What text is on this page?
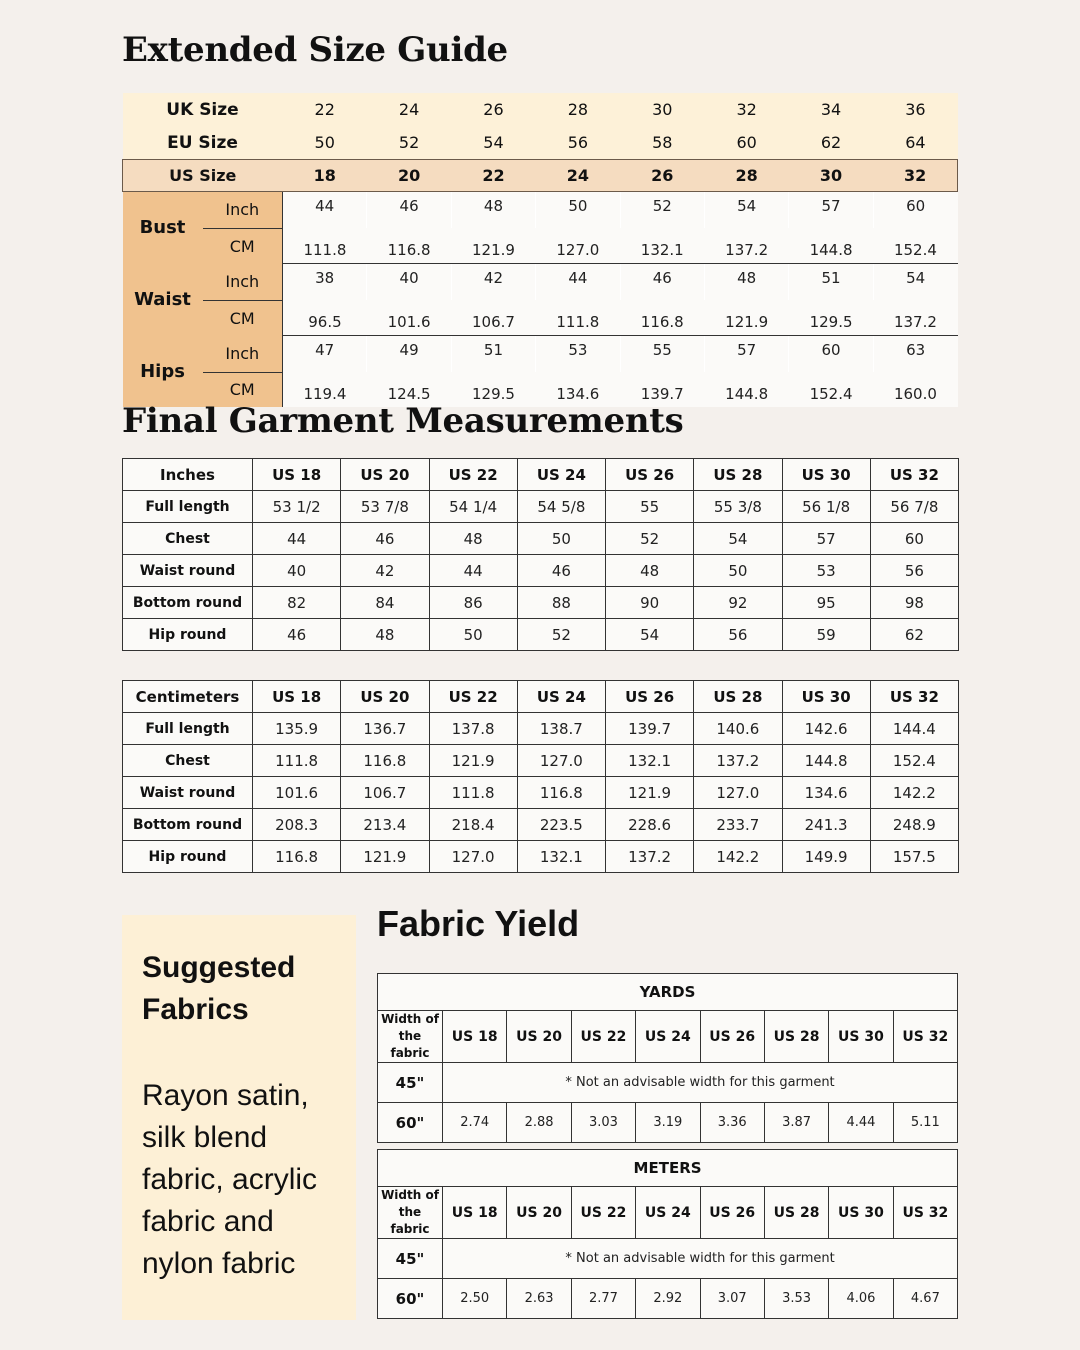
Extended Size Guide
UK Size		22	24	26	28	30	32	34	36
EU Size		50	52	54	56	58	60	62	64
US Size		18	20	22	24	26	28	30	32
Bust	Inch	44	46	48	50	52	54	57	60
	CM	111.8	116.8	121.9	127.0	132.1	137.2	144.8	152.4
Waist	Inch	38	40	42	44	46	48	51	54
	CM	96.5	101.6	106.7	111.8	116.8	121.9	129.5	137.2
Hips	Inch	47	49	51	53	55	57	60	63
	CM	119.4	124.5	129.5	134.6	139.7	144.8	152.4	160.0
Final Garment Measurements
Inches	US 18	US 20	US 22	US 24	US 26	US 28	US 30	US 32
Full length	53 1/2	53 7/8	54 1/4	54 5/8	55	55 3/8	56 1/8	56 7/8
Chest	44	46	48	50	52	54	57	60
Waist round	40	42	44	46	48	50	53	56
Bottom round	82	84	86	88	90	92	95	98
Hip round	46	48	50	52	54	56	59	62
Centimeters	US 18	US 20	US 22	US 24	US 26	US 28	US 30	US 32
Full length	135.9	136.7	137.8	138.7	139.7	140.6	142.6	144.4
Chest	111.8	116.8	121.9	127.0	132.1	137.2	144.8	152.4
Waist round	101.6	106.7	111.8	116.8	121.9	127.0	134.6	142.2
Bottom round	208.3	213.4	218.4	223.5	228.6	233.7	241.3	248.9
Hip round	116.8	121.9	127.0	132.1	137.2	142.2	149.9	157.5

Suggested Fabrics

Rayon satin, silk blend fabric, acrylic fabric and nylon fabric

Fabric Yield
YARDS								
Width of the fabric	US 18	US 20	US 22	US 24	US 26	US 28	US 30	US 32
45"	* Not an advisable width for this garment							
60"	2.74	2.88	3.03	3.19	3.36	3.87	4.44	5.11
METERS								
Width of the fabric	US 18	US 20	US 22	US 24	US 26	US 28	US 30	US 32
45"	* Not an advisable width for this garment							
60"	2.50	2.63	2.77	2.92	3.07	3.53	4.06	4.67
